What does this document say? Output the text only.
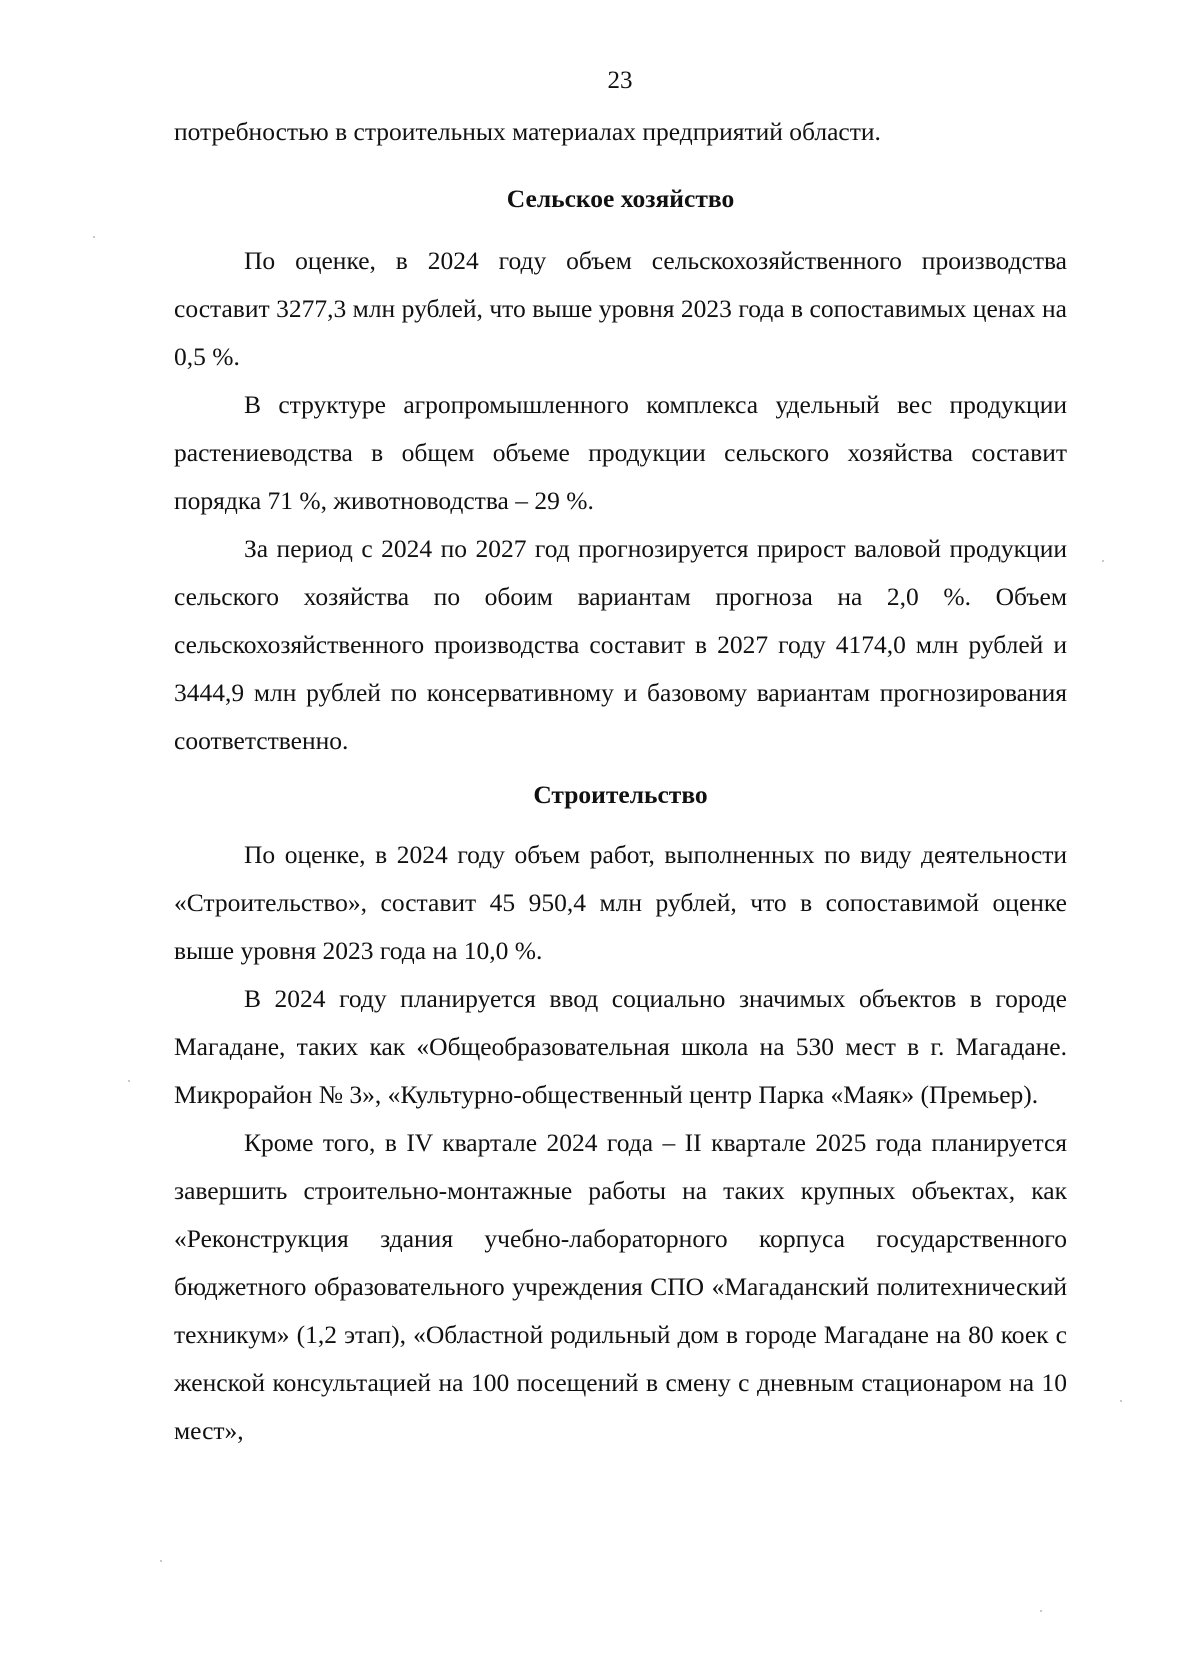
23

потребностью в строительных материалах предприятий области.

Сельское хозяйство

По оценке, в 2024 году объем сельскохозяйственного производства составит 3277,3 млн рублей, что выше уровня 2023 года в сопоставимых ценах на 0,5 %.

В структуре агропромышленного комплекса удельный вес продукции растениеводства в общем объеме продукции сельского хозяйства составит порядка 71 %, животноводства – 29 %.

За период с 2024 по 2027 год прогнозируется прирост валовой продукции сельского хозяйства по обоим вариантам прогноза на 2,0 %. Объем сельскохозяйственного производства составит в 2027 году 4174,0 млн рублей и 3444,9 млн рублей по консервативному и базовому вариантам прогнозирования соответственно.

Строительство

По оценке, в 2024 году объем работ, выполненных по виду деятельности «Строительство», составит 45 950,4 млн рублей, что в сопоставимой оценке выше уровня 2023 года на 10,0 %.

В 2024 году планируется ввод социально значимых объектов в городе Магадане, таких как «Общеобразовательная школа на 530 мест в г. Магадане. Микрорайон № 3», «Культурно-общественный центр Парка «Маяк» (Премьер).

Кроме того, в IV квартале 2024 года – II квартале 2025 года планируется завершить строительно-монтажные работы на таких крупных объектах, как «Реконструкция здания учебно-лабораторного корпуса государственного бюджетного образовательного учреждения СПО «Магаданский политехнический техникум» (1,2 этап), «Областной родильный дом в городе Магадане на 80 коек с женской консультацией на 100 посещений в смену с дневным стационаром на 10 мест»,
